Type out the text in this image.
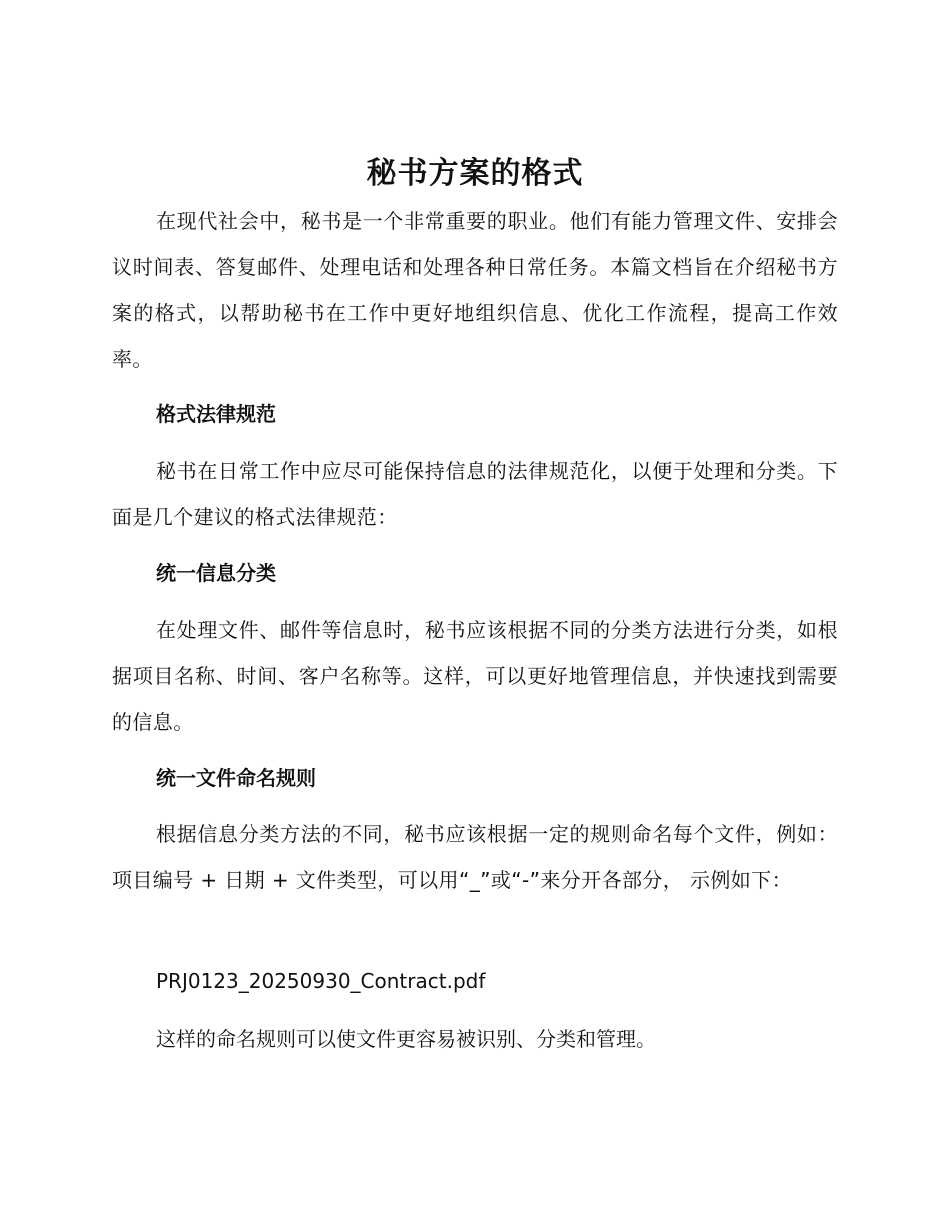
秘书方案的格式

在现代社会中，秘书是一个非常重要的职业。他们有能力管理文件、安排会议时间表、答复邮件、处理电话和处理各种日常任务。本篇文档旨在介绍秘书方案的格式，以帮助秘书在工作中更好地组织信息、优化工作流程，提高工作效率。

格式法律规范

秘书在日常工作中应尽可能保持信息的法律规范化，以便于处理和分类。下面是几个建议的格式法律规范：

统一信息分类

在处理文件、邮件等信息时，秘书应该根据不同的分类方法进行分类，如根据项目名称、时间、客户名称等。这样，可以更好地管理信息，并快速找到需要的信息。

统一文件命名规则

根据信息分类方法的不同，秘书应该根据一定的规则命名每个文件，例如：项目编号 + 日期 + 文件类型，可以用“_”或“-”来分开各部分， 示例如下：

PRJ0123_20250930_Contract.pdf

这样的命名规则可以使文件更容易被识别、分类和管理。
